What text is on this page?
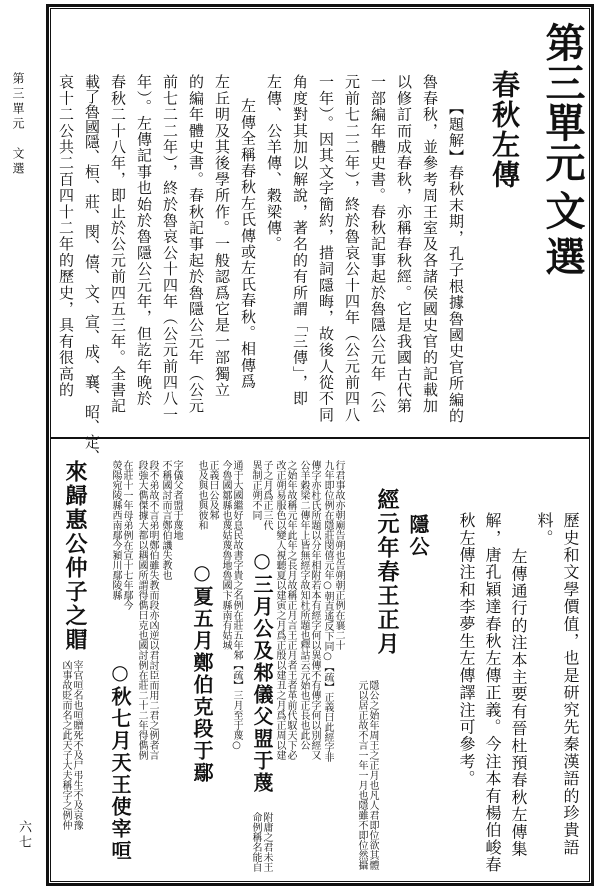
第三單元　文選
六七
第三單元
文選
春秋左傳
【題解】春秋末期，孔子根據魯國史官所編的
魯春秋，並參考周王室及各諸侯國史官的記載加
以修訂而成春秋，亦稱春秋經。它是我國古代第
一部編年體史書。春秋記事起於魯隱公元年（公
元前七二二年），終於魯哀公十四年（公元前四八
一年）。因其文字簡約，措詞隱晦，故後人從不同
角度對其加以解說，著名的有所謂「三傳」，即
左傳、公羊傳、穀梁傳。
左傳全稱春秋左氏傳或左氏春秋。相傳爲
左丘明及其後學所作。一般認爲它是一部獨立
的編年體史書。春秋記事起於魯隱公元年（公元
前七二二年），終於魯哀公十四年（公元前四八一
年）。左傳記事也始於魯隱公元年，但訖年晚於
春秋二十八年，即止於公元前四五三年。全書記
載了魯國隱、桓、莊、閔、僖、文、宣、成、襄、昭、定、
哀十二公共二百四十二年的歷史，具有很高的
歷史和文學價值，也是研究先秦漢語的珍貴語
料。
左傳通行的注本主要有晉杜預春秋左傳集
解，唐孔穎達春秋左傳正義。今注本有楊伯峻春
秋左傳注和李夢生左傳譯注可參考。
隱公
經元年春王正月
隱公之始年周王之正月也凡人君即位欲其體
元以居正故不言一年一月也隱雖不即位然攝
行君事故亦朝廟告朔也告朔朝正例在襄二十
九年即位例在隱莊閔僖元年○朝直遙反下同○【疏】正義曰此經字非
傳字亦杜氏所題以分年相附若本有經字何以異傳不有傳字何以別經又
公羊穀梁二傳年上皆無經字故知杜所題也釋詁云元始也正長也此公
之始年故稱元年此年之長月故稱正月言王正月者王者革前代馭天下必
改正朔易服色以變人視聽夏以建寅之月爲正殷以建丑之月爲正周以建
子之月爲正三代
異制正朔不同
○三月公及邾儀父盟于蔑
附庸之君未王
命例稱名能自
通于大國繼好息民故書字貴之名例在莊五年邾【疏】三月至于蔑○
今魯國鄒縣也蔑姑蔑魯地魯國卞縣南有姑城
正義曰公及邾
也及與也與彼和
○夏五月鄭伯克段于鄢
字儀父者盟于蔑地
不稱國討而言鄭伯譏失教也
段不弟故不言弟明鄭伯雖失教而段亦凶逆以君討臣而用二君之例者言
段強大儁傑據大都以耦國所謂得儁曰克也國討例在莊二十二年得儁例
在莊十一年母弟例在宣十七年鄢今
熒陽宛陵縣西南鄢今潁川鄢陵縣
○秋七月天王使宰咺
來歸惠公仲子之賵
宰官咺名也咺贈死不及尸弔生不及哀豫
凶事故貶而名之此天子大夫稱字之例仲
